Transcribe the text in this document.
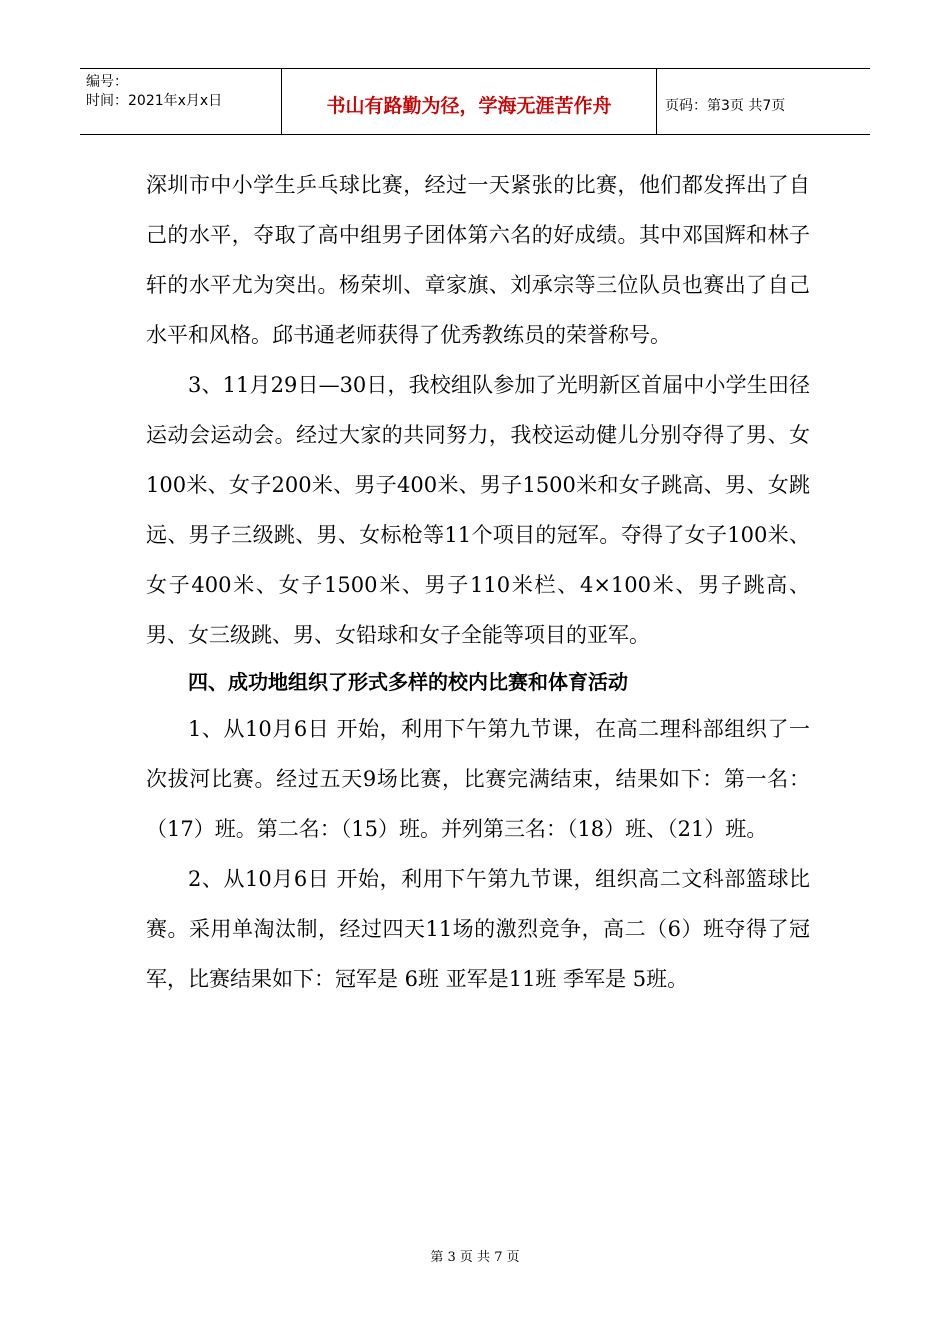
编号：
时间：2021年x月x日	书山有路勤为径，学海无涯苦作舟	页码：第3页 共7页

深圳市中小学生乒乓球比赛，经过一天紧张的比赛，他们都发挥出了自己的水平，夺取了高中组男子团体第六名的好成绩。其中邓国辉和林子轩的水平尤为突出。杨荣圳、章家旗、刘承宗等三位队员也赛出了自己水平和风格。邱书通老师获得了优秀教练员的荣誉称号。

3、11月29日—30日，我校组队参加了光明新区首届中小学生田径运动会运动会。经过大家的共同努力，我校运动健儿分别夺得了男、女100米、女子200米、男子400米、男子1500米和女子跳高、男、女跳远、男子三级跳、男、女标枪等11个项目的冠军。夺得了女子100米、女子400米、女子1500米、男子110米栏、4×100米、男子跳高、男、女三级跳、男、女铅球和女子全能等项目的亚军。

四、成功地组织了形式多样的校内比赛和体育活动

1、从10月6日 开始，利用下午第九节课，在高二理科部组织了一次拔河比赛。经过五天9场比赛，比赛完满结束，结果如下：第一名：（17）班。第二名：（15）班。并列第三名：（18）班、（21）班。

2、从10月6日 开始，利用下午第九节课，组织高二文科部篮球比赛。采用单淘汰制，经过四天11场的激烈竞争，高二（6）班夺得了冠军，比赛结果如下：冠军是 6班 亚军是11班 季军是 5班。

第 3 页 共 7 页
